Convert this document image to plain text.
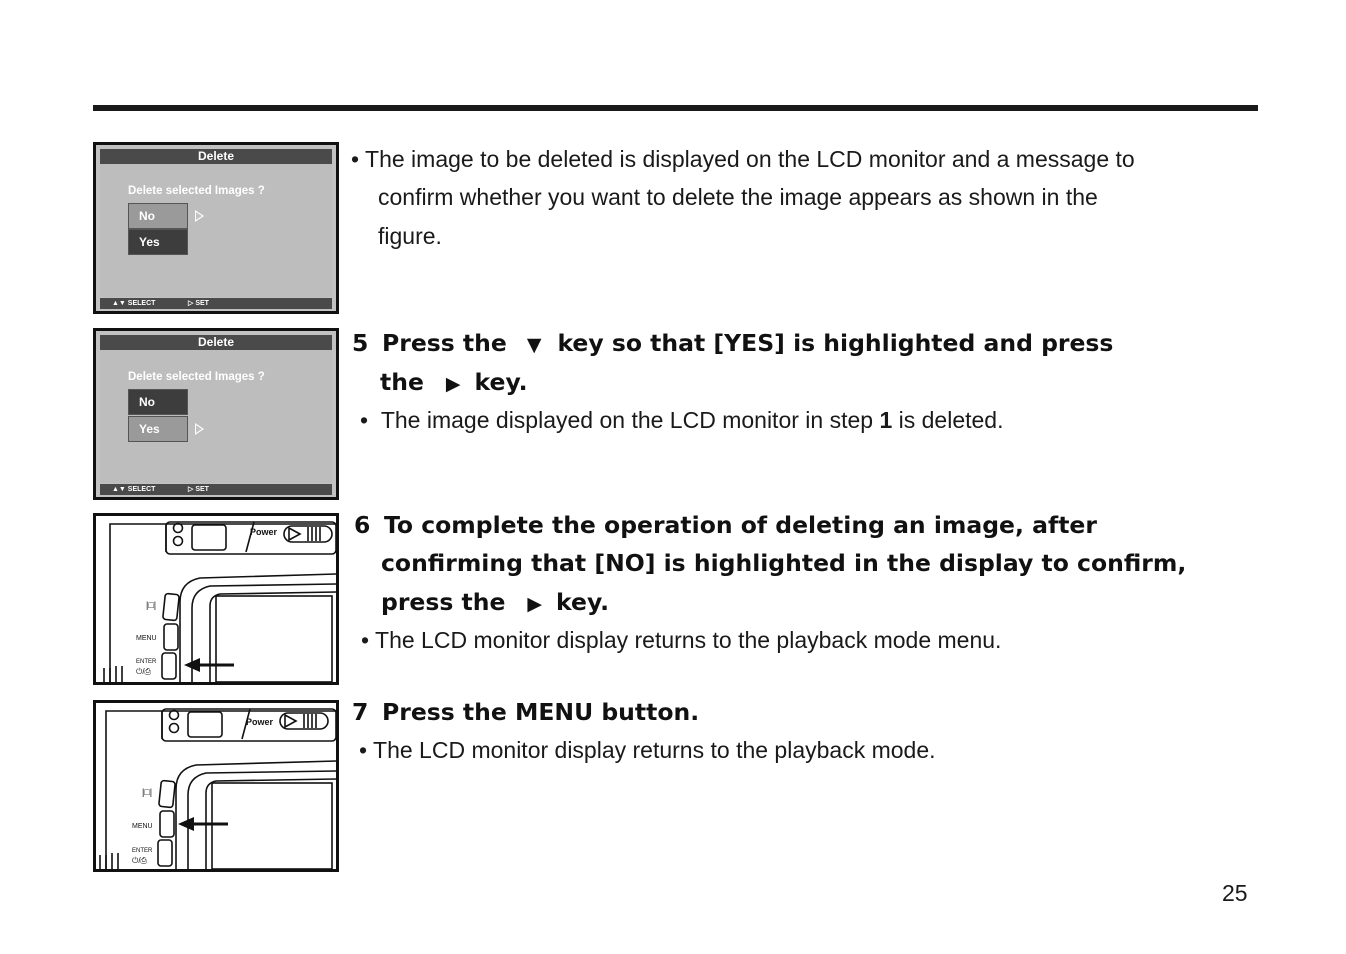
Delete
Delete selected Images ?
No
Yes
▲▼ SELECT	▷ SET
Delete
Delete selected Images ?
No
Yes
▲▼ SELECT	▷ SET
Power
|□|
MENU
ENTER
⏻/⎙
Power
|□|
MENU
ENTER
⏻/⎙
• The image to be deleted is displayed on the LCD monitor and a message to
confirm whether you want to delete the image appears as shown in the
figure.
5 Press the ▼ key so that [YES] is highlighted and press
the ▶ key.
• The image displayed on the LCD monitor in step 1 is deleted.
6 To complete the operation of deleting an image, after
confirming that [NO] is highlighted in the display to confirm,
press the ▶ key.
• The LCD monitor display returns to the playback mode menu.
7 Press the MENU button.
• The LCD monitor display returns to the playback mode.
25
